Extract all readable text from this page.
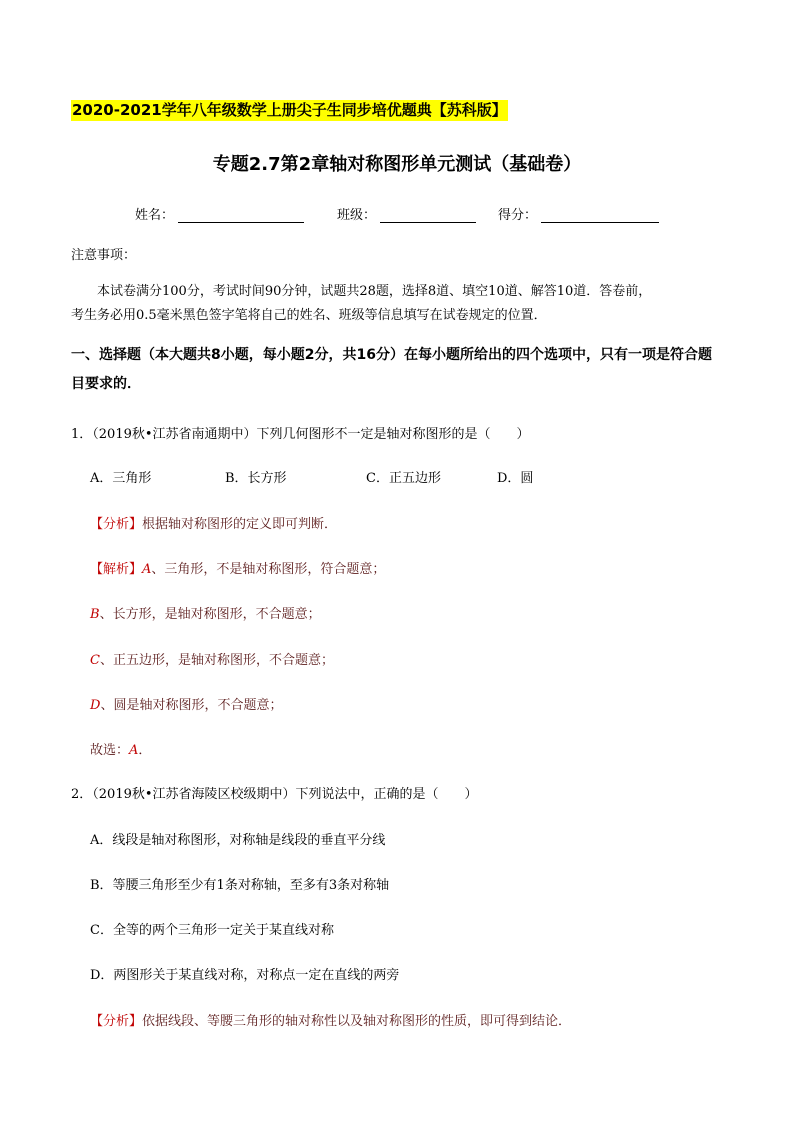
2020-2021学年八年级数学上册尖子生同步培优题典【苏科版】
专题2.7第2章轴对称图形单元测试（基础卷）
姓名：	班级：	得分：
注意事项：
本试卷满分100分，考试时间90分钟，试题共28题，选择8道、填空10道、解答10道．答卷前，
考生务必用0.5毫米黑色签字笔将自己的姓名、班级等信息填写在试卷规定的位置．
一、选择题（本大题共8小题，每小题2分，共16分）在每小题所给出的四个选项中，只有一项是符合题
目要求的．
1．（2019秋•江苏省南通期中）下列几何图形不一定是轴对称图形的是（　　）
A．三角形	B．长方形	C．正五边形	D．圆
【分析】根据轴对称图形的定义即可判断．
【解析】A、三角形，不是轴对称图形，符合题意；
B、长方形，是轴对称图形，不合题意；
C、正五边形，是轴对称图形，不合题意；
D、圆是轴对称图形，不合题意；
故选：A．
2．（2019秋•江苏省海陵区校级期中）下列说法中，正确的是（　　）
A．线段是轴对称图形，对称轴是线段的垂直平分线
B．等腰三角形至少有1条对称轴，至多有3条对称轴
C．全等的两个三角形一定关于某直线对称
D．两图形关于某直线对称，对称点一定在直线的两旁
【分析】依据线段、等腰三角形的轴对称性以及轴对称图形的性质，即可得到结论．
